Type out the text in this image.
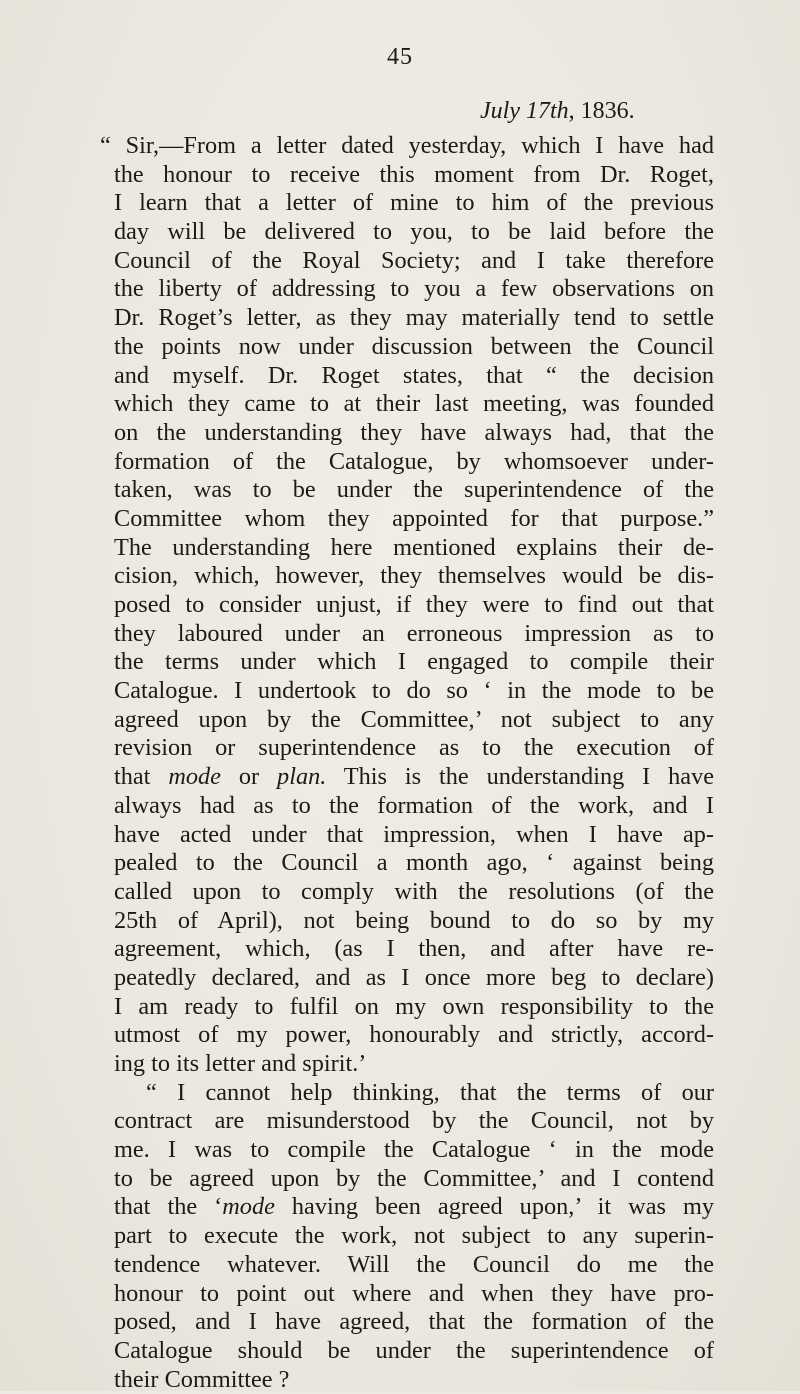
45
July 17th, 1836.
“ Sir,—From a letter dated yesterday, which I have had
the honour to receive this moment from Dr. Roget,
I learn that a letter of mine to him of the previous
day will be delivered to you, to be laid before the
Council of the Royal Society; and I take therefore
the liberty of addressing to you a few observations on
Dr. Roget’s letter, as they may materially tend to settle
the points now under discussion between the Council
and myself. Dr. Roget states, that “ the decision
which they came to at their last meeting, was founded
on the understanding they have always had, that the
formation of the Catalogue, by whomsoever under-
taken, was to be under the superintendence of the
Committee whom they appointed for that purpose.”
The understanding here mentioned explains their de-
cision, which, however, they themselves would be dis-
posed to consider unjust, if they were to find out that
they laboured under an erroneous impression as to
the terms under which I engaged to compile their
Catalogue. I undertook to do so ‘ in the mode to be
agreed upon by the Committee,’ not subject to any
revision or superintendence as to the execution of
that mode or plan. This is the understanding I have
always had as to the formation of the work, and I
have acted under that impression, when I have ap-
pealed to the Council a month ago, ‘ against being
called upon to comply with the resolutions (of the
25th of April), not being bound to do so by my
agreement, which, (as I then, and after have re-
peatedly declared, and as I once more beg to declare)
I am ready to fulfil on my own responsibility to the
utmost of my power, honourably and strictly, accord-
ing to its letter and spirit.’
“ I cannot help thinking, that the terms of our
contract are misunderstood by the Council, not by
me. I was to compile the Catalogue ‘ in the mode
to be agreed upon by the Committee,’ and I contend
that the ‘mode having been agreed upon,’ it was my
part to execute the work, not subject to any superin-
tendence whatever. Will the Council do me the
honour to point out where and when they have pro-
posed, and I have agreed, that the formation of the
Catalogue should be under the superintendence of
their Committee ?
